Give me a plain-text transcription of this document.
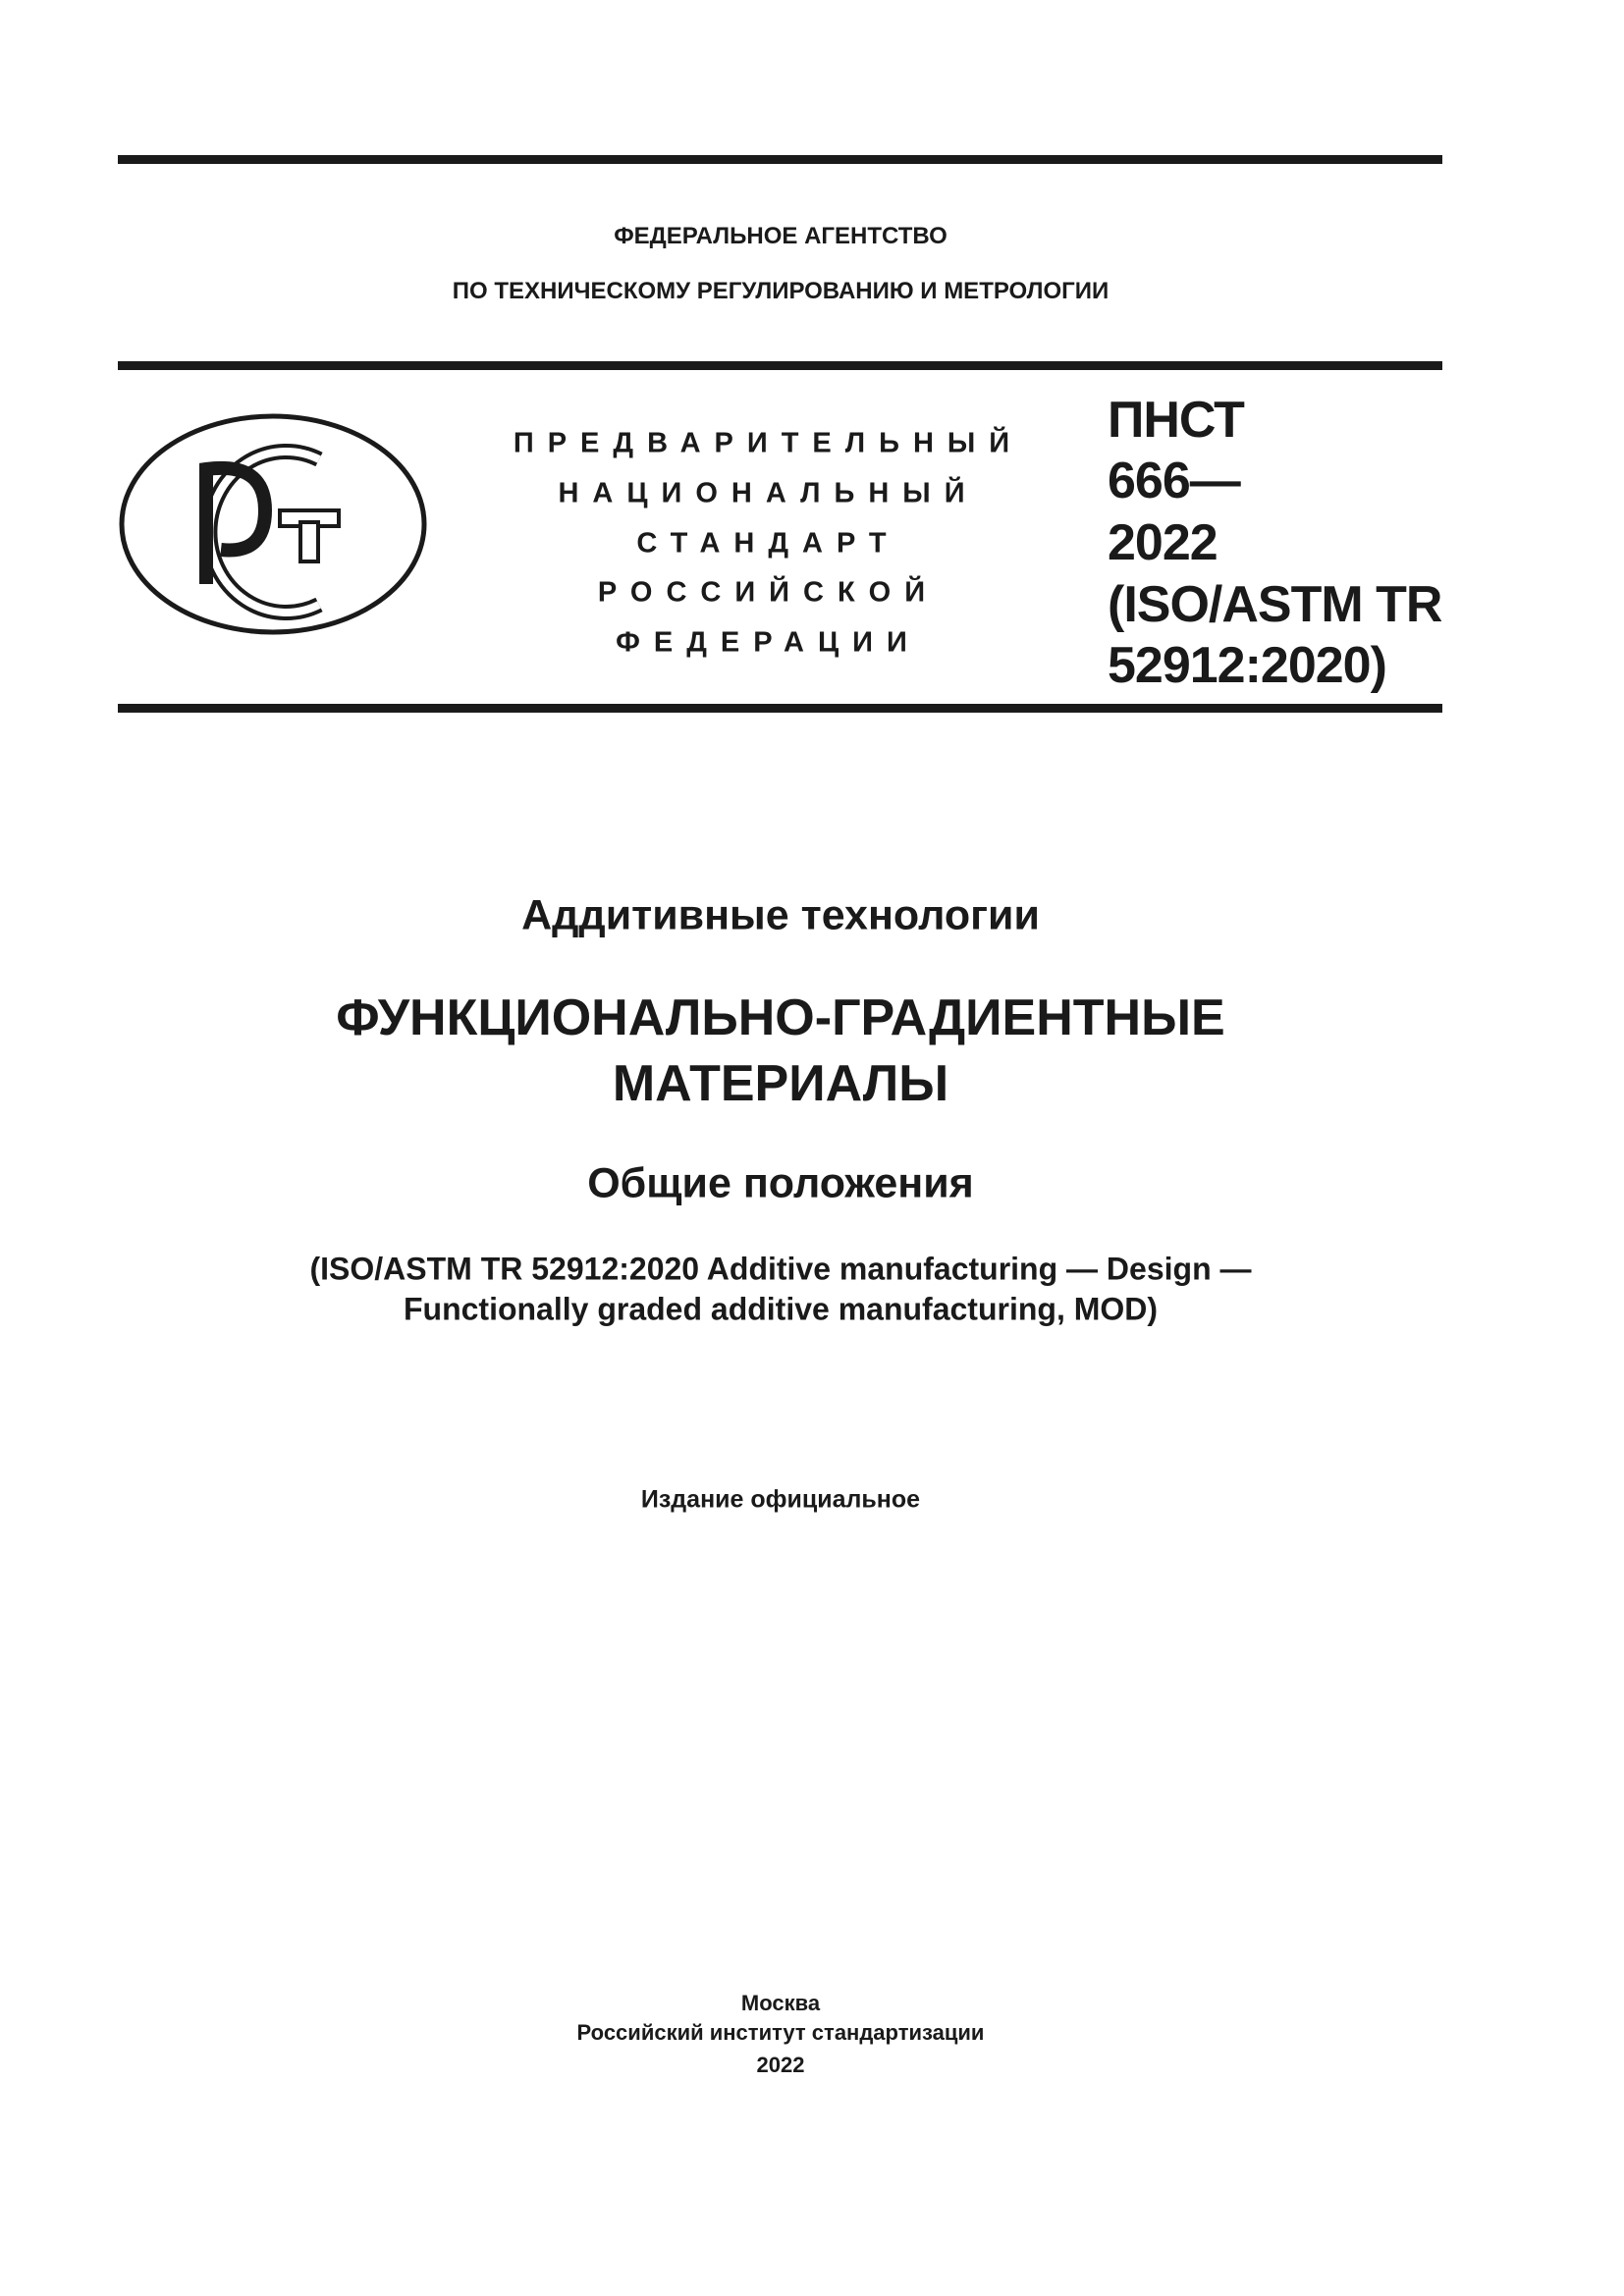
ФЕДЕРАЛЬНОЕ АГЕНТСТВО
ПО ТЕХНИЧЕСКОМУ РЕГУЛИРОВАНИЮ И МЕТРОЛОГИИ
ПРЕДВАРИТЕЛЬНЫЙ
НАЦИОНАЛЬНЫЙ
СТАНДАРТ
РОССИЙСКОЙ
ФЕДЕРАЦИИ
ПНСТ
666—
2022
(ISO/ASTM TR
52912:2020)
Аддитивные технологии
ФУНКЦИОНАЛЬНО-ГРАДИЕНТНЫЕ
МАТЕРИАЛЫ
Общие положения
(ISO/ASTM TR 52912:2020 Additive manufacturing — Design —
Functionally graded additive manufacturing, MOD)
Издание официальное
Москва
Российский институт стандартизации
2022
